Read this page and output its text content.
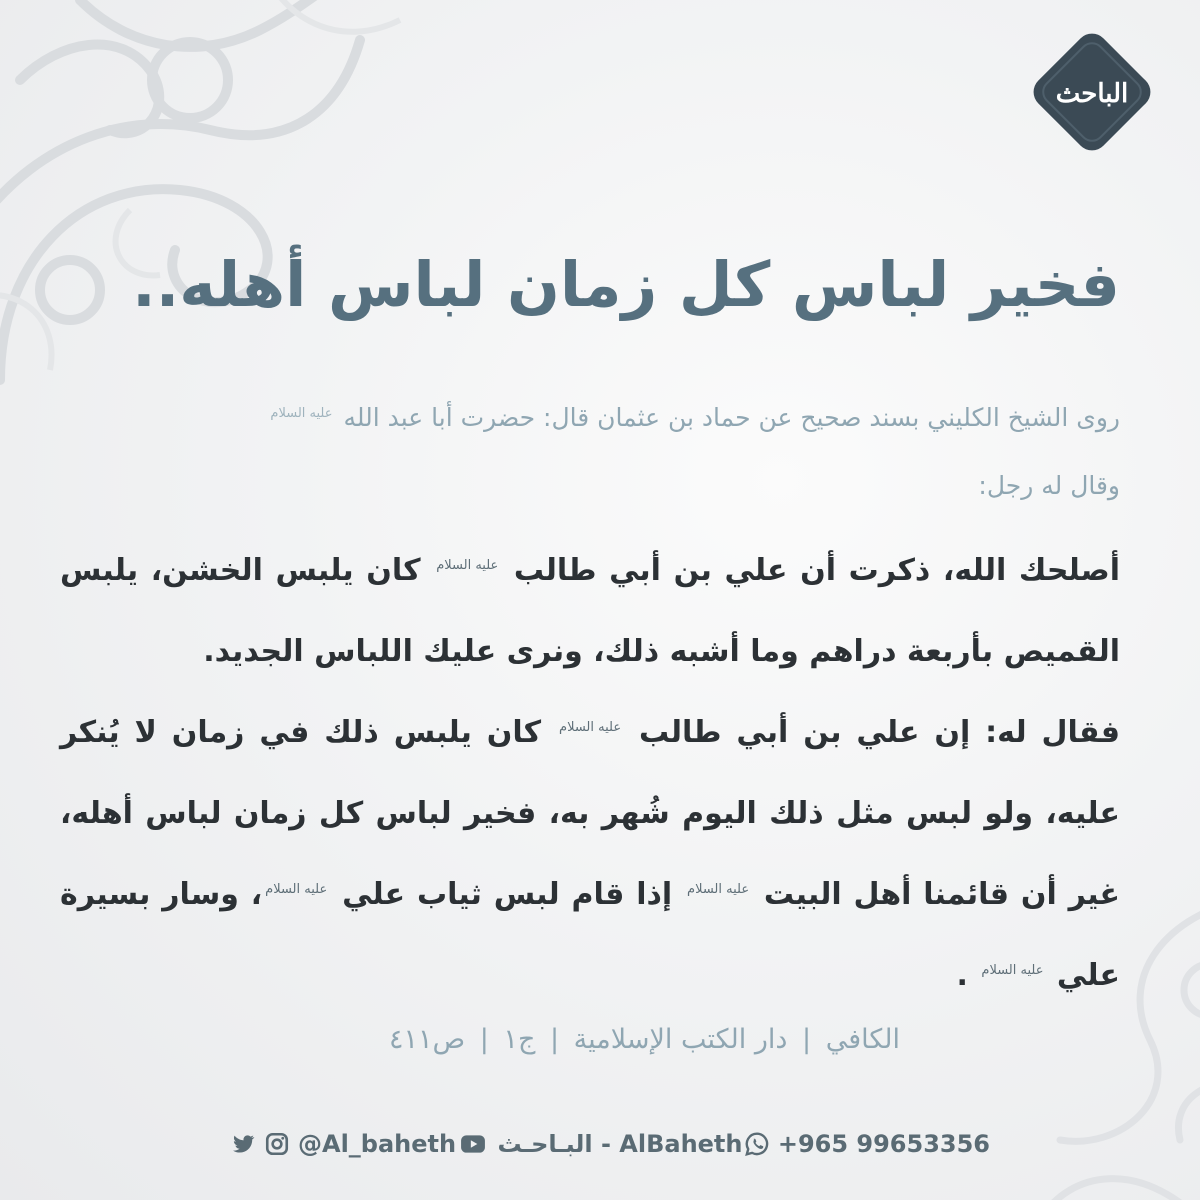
الباحث
فخير لباس كل زمان لباس أهله..
روى الشيخ الكليني بسند صحيح عن حماد بن عثمان قال: حضرت أبا عبد الله عليه السلام
وقال له رجل:

أصلحك الله، ذكرت أن علي بن أبي طالب عليه السلام كان يلبس الخشن، يلبس القميص بأربعة دراهم وما أشبه ذلك، ونرى عليك اللباس الجديد.

فقال له: إن علي بن أبي طالب عليه السلام كان يلبس ذلك في زمان لا يُنكر عليه، ولو لبس مثل ذلك اليوم شُهر به، فخير لباس كل زمان لباس أهله، غير أن قائمنا أهل البيت عليه السلام إذا قام لبس ثياب علي عليه السلام، وسار بسيرة علي عليه السلام .

الكافي | دار الكتب الإسلامية | ج١ | ص٤١١
@Al_baheth البـاحـث - AlBaheth +965 99653356
